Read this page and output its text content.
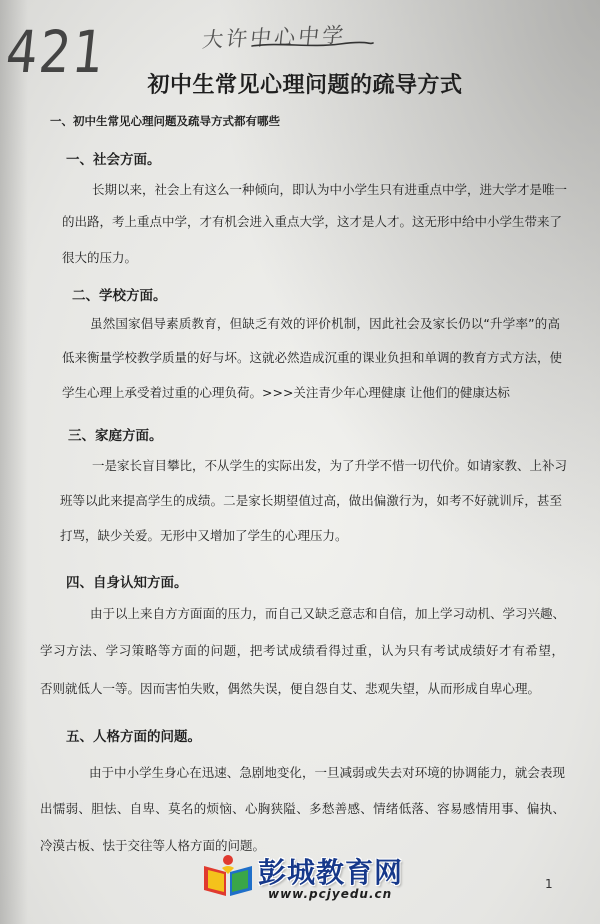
421	大许中心中学
初中生常见心理问题的疏导方式
一、初中生常见心理问题及疏导方式都有哪些
一、社会方面。
长期以来，社会上有这么一种倾向，即认为中小学生只有进重点中学，进大学才是唯一
的出路，考上重点中学，才有机会进入重点大学，这才是人才。这无形中给中小学生带来了
很大的压力。
二、学校方面。
虽然国家倡导素质教育，但缺乏有效的评价机制，因此社会及家长仍以“升学率”的高
低来衡量学校教学质量的好与坏。这就必然造成沉重的课业负担和单调的教育方式方法，使
学生心理上承受着过重的心理负荷。>>>关注青少年心理健康 让他们的健康达标
三、家庭方面。
一是家长盲目攀比，不从学生的实际出发，为了升学不惜一切代价。如请家教、上补习
班等以此来提高学生的成绩。二是家长期望值过高，做出偏激行为，如考不好就训斥，甚至
打骂，缺少关爱。无形中又增加了学生的心理压力。
四、自身认知方面。
由于以上来自方方面面的压力，而自己又缺乏意志和自信，加上学习动机、学习兴趣、
学习方法、学习策略等方面的问题，把考试成绩看得过重，认为只有考试成绩好才有希望，
否则就低人一等。因而害怕失败，偶然失误，便自怨自艾、悲观失望，从而形成自卑心理。
五、人格方面的问题。
由于中小学生身心在迅速、急剧地变化，一旦减弱或失去对环境的协调能力，就会表现
出懦弱、胆怯、自卑、莫名的烦恼、心胸狭隘、多愁善感、情绪低落、容易感情用事、偏执、
冷漠古板、怯于交往等人格方面的问题。
彭城教育网
www.pcjyedu.cn
1
